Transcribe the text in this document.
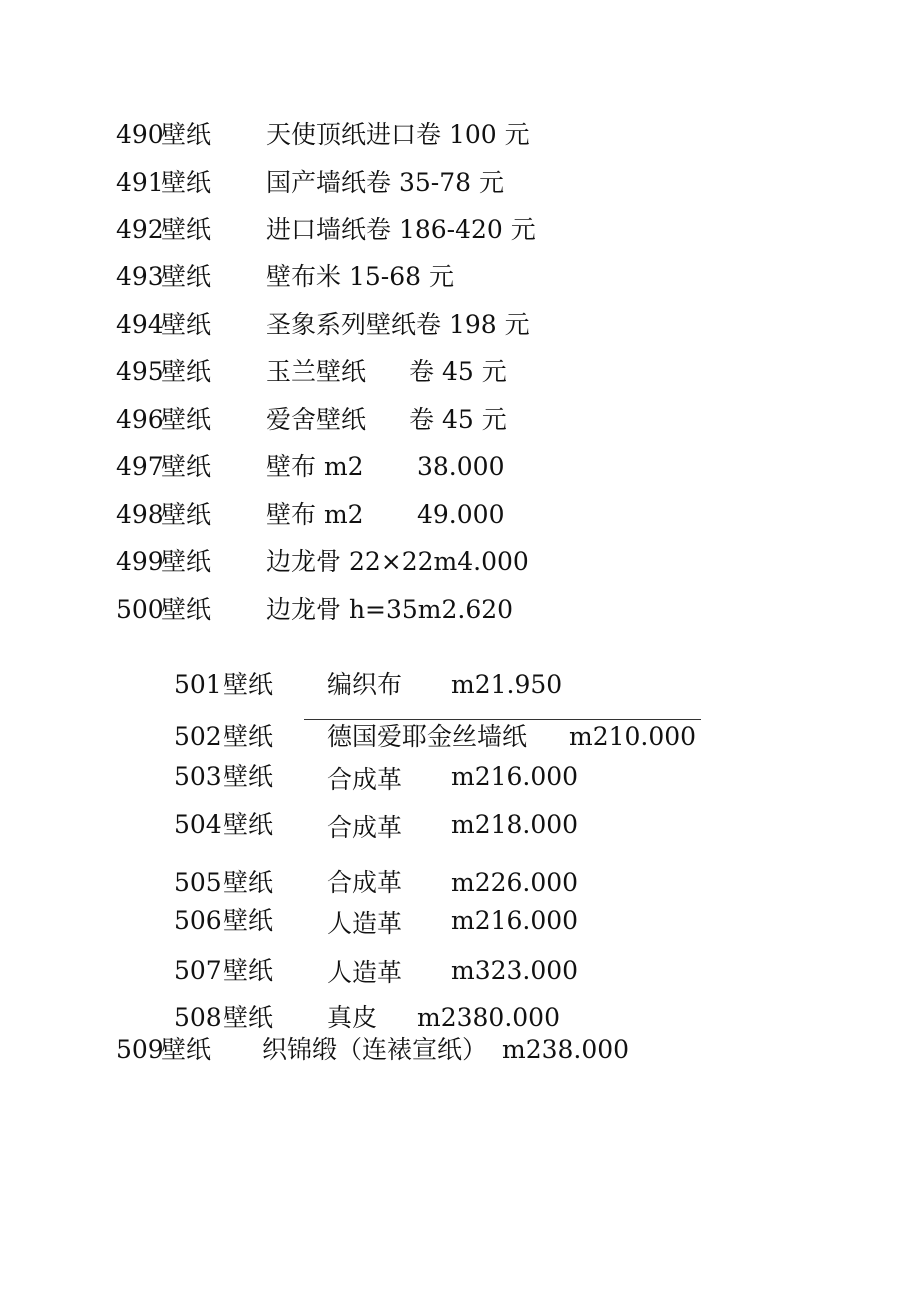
490
壁纸 天使顶纸进口卷 100 元
491
壁纸 国产墙纸卷 35-78 元
492
壁纸 进口墙纸卷 186-420 元
493
壁纸 壁布米 15-68 元
494
壁纸 圣象系列壁纸卷 198 元
495
壁纸 玉兰壁纸 卷 45 元
496
壁纸 爱舍壁纸 卷 45 元
497
壁纸 壁布 m2 38.000
498
壁纸 壁布 m2 49.000
499
壁纸 边龙骨 22×22m4.000
500
壁纸 边龙骨 h=35m2.620
501 壁纸 编织布 m21.950
502 壁纸 德国爱耶金丝墙纸 m210.000
503 壁纸 合成革 m216.000
504 壁纸 合成革 m218.000
505 壁纸 合成革 m226.000
506 壁纸 人造革 m216.000
507 壁纸 人造革 m323.000
508 壁纸 真皮 m2380.000
509
壁纸 织锦缎（连裱宣纸） m238.000
